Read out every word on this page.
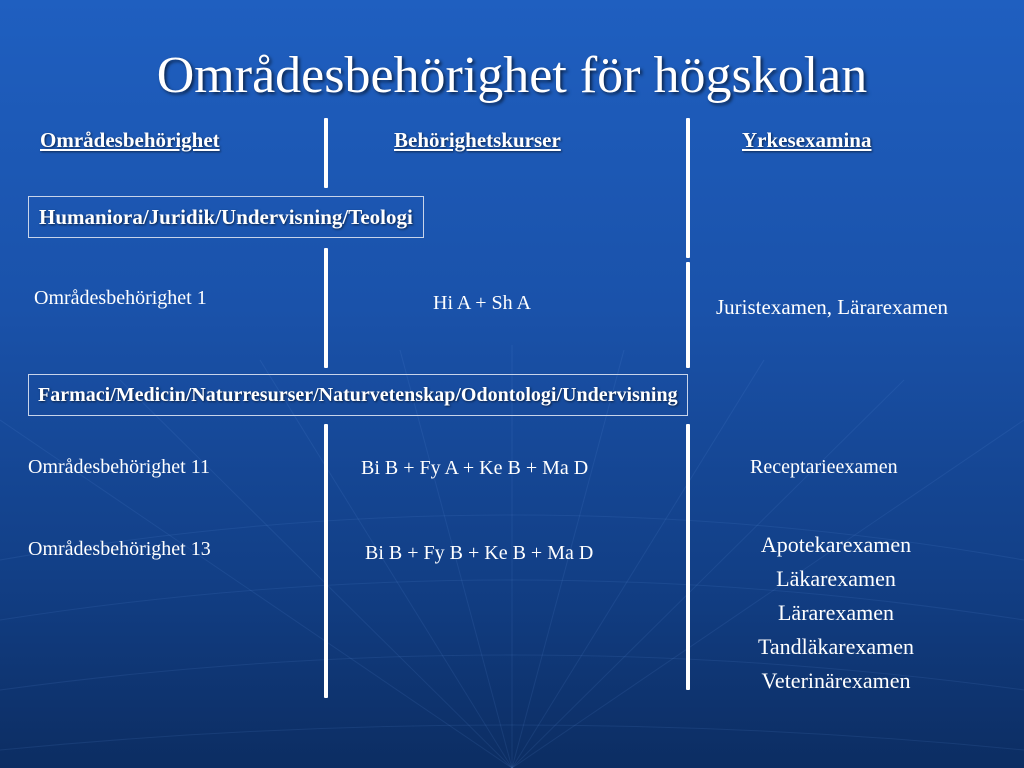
Områdesbehörighet för högskolan
Områdesbehörighet	Behörighetskurser	Yrkesexamina
Humaniora/Juridik/Undervisning/Teologi
Områdesbehörighet 1	Hi A + Sh A	Juristexamen, Lärarexamen
Farmaci/Medicin/Naturresurser/Naturvetenskap/Odontologi/Undervisning
Områdesbehörighet 11	Bi B + Fy A + Ke B + Ma D	Receptarieexamen
Områdesbehörighet 13	Bi B + Fy B + Ke B + Ma D	Apotekarexamen
Läkarexamen
Lärarexamen
Tandläkarexamen
Veterinärexamen
